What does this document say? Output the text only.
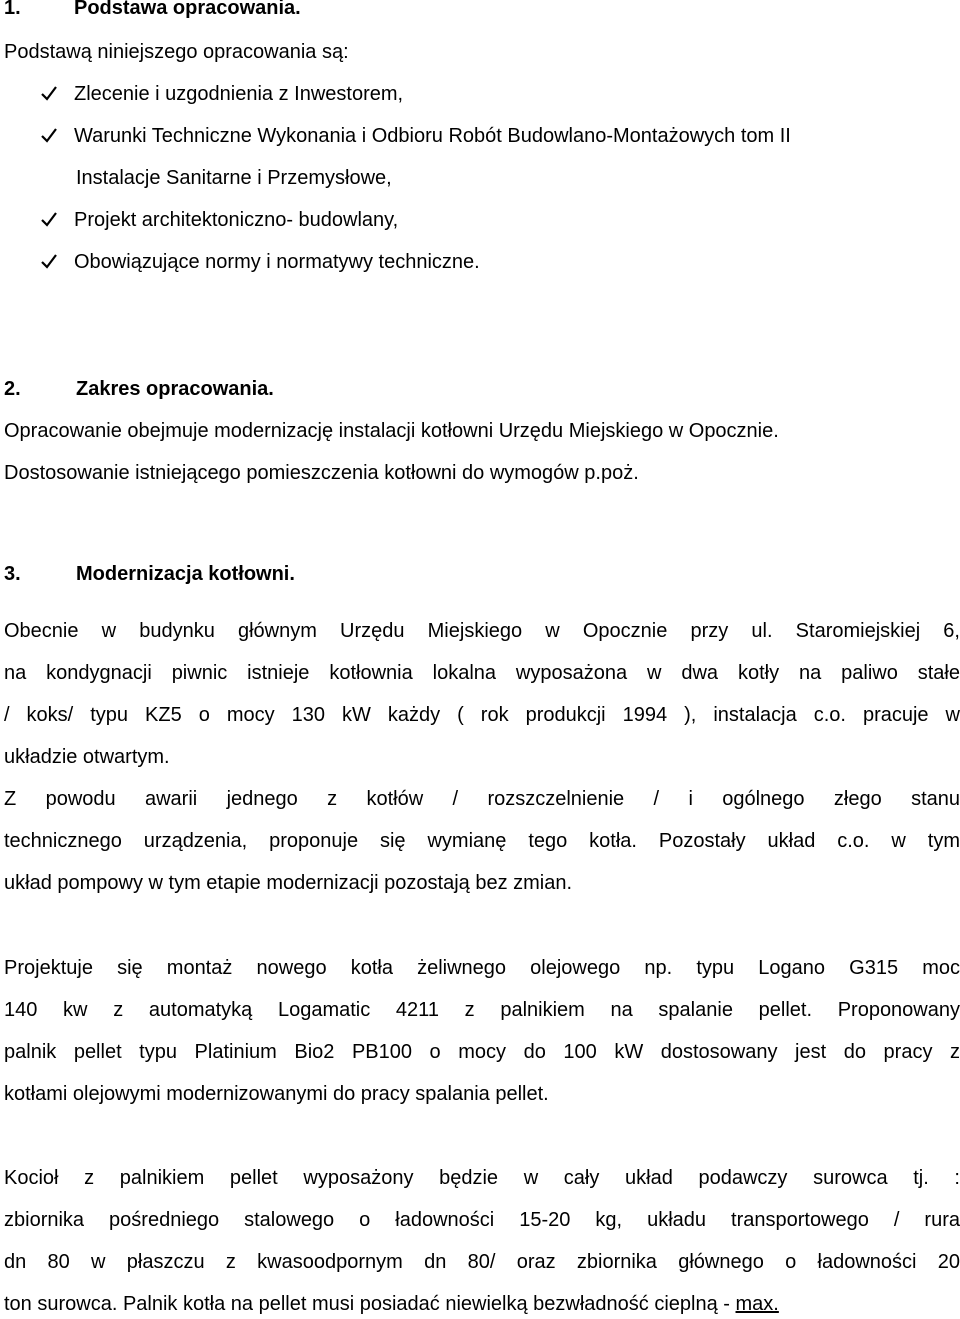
1.	Podstawa opracowania.
Podstawą niniejszego opracowania są:
Zlecenie i uzgodnienia z Inwestorem,
Warunki Techniczne Wykonania i Odbioru Robót Budowlano-Montażowych tom II
Instalacje Sanitarne i Przemysłowe,
Projekt architektoniczno- budowlany,
Obowiązujące normy i normatywy techniczne.
2.	Zakres opracowania.
Opracowanie obejmuje modernizację instalacji kotłowni Urzędu Miejskiego w Opocznie.
Dostosowanie istniejącego pomieszczenia kotłowni do wymogów p.poż.
3.	Modernizacja kotłowni.
Obecnie w budynku głównym Urzędu Miejskiego w Opocznie przy ul. Staromiejskiej 6,
na kondygnacji piwnic istnieje kotłownia lokalna wyposażona w dwa kotły na paliwo stałe
/ koks/ typu KZ5 o mocy 130 kW każdy ( rok produkcji 1994 ), instalacja c.o. pracuje w
układzie otwartym.
Z powodu awarii jednego z kotłów / rozszczelnienie / i ogólnego złego stanu
technicznego urządzenia, proponuje się wymianę tego kotła. Pozostały układ c.o. w tym
układ pompowy w tym etapie modernizacji pozostają bez zmian.
Projektuje się montaż nowego kotła żeliwnego olejowego np. typu Logano G315 moc
140 kw z automatyką Logamatic 4211 z palnikiem na spalanie pellet. Proponowany
palnik pellet typu Platinium Bio2 PB100 o mocy do 100 kW dostosowany jest do pracy z
kotłami olejowymi modernizowanymi do pracy spalania pellet.
Kocioł z palnikiem pellet wyposażony będzie w cały układ podawczy surowca tj. :
zbiornika pośredniego stalowego o ładowności 15-20 kg, układu transportowego / rura
dn 80 w płaszczu z kwasoodpornym dn 80/ oraz zbiornika głównego o ładowności 20
ton surowca. Palnik kotła na pellet musi posiadać niewielką bezwładność cieplną - max.
